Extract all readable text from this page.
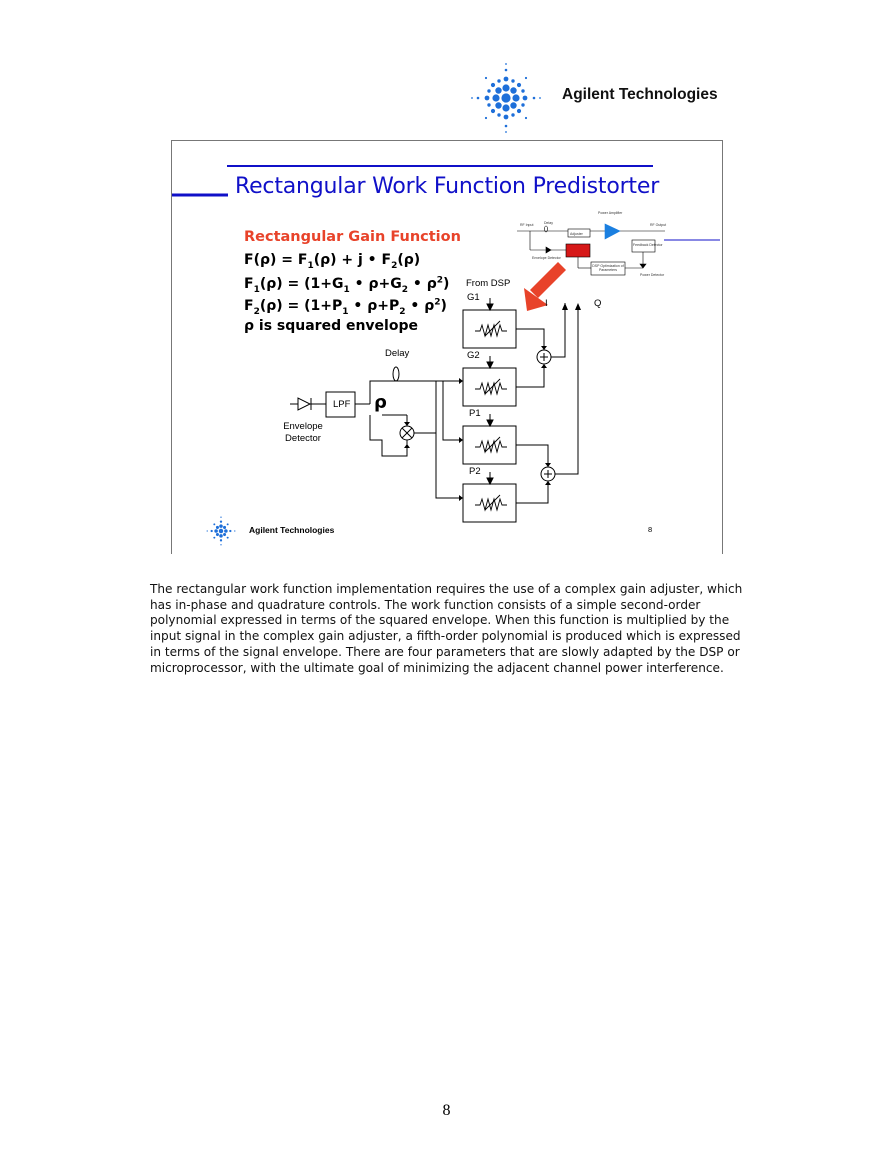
Agilent Technologies
Rectangular Work Function Predistorter
Rectangular Gain Function
$F(\rho) = F_1(\rho) + j$ • $F_2(\rho)$
$F_1(\rho) = (1+G_1$ • $\rho+G_2$ • $\rho^2$)
$F_2(\rho) = (1+P_1$ • $\rho+P_2$ • $\rho^2$)
ρ is squared envelope
From DSP
G1
G2
P1
P2
I	Q
Delay
LPF ρ
Envelope Detector
RF Input	Delay
Power Amplifier
RF Output
Adjuster
Envelope Detector
DSP Optimization of Parameters
Feedback Detector
Power Detector
Agilent Technologies	8

The rectangular work function implementation requires the use of a complex gain adjuster, which has in-phase and quadrature controls. The work function consists of a simple second-order polynomial expressed in terms of the squared envelope. When this function is multiplied by the input signal in the complex gain adjuster, a fifth-order polynomial is produced which is expressed in terms of the signal envelope. There are four parameters that are slowly adapted by the DSP or microprocessor, with the ultimate goal of minimizing the adjacent channel power interference.

8
